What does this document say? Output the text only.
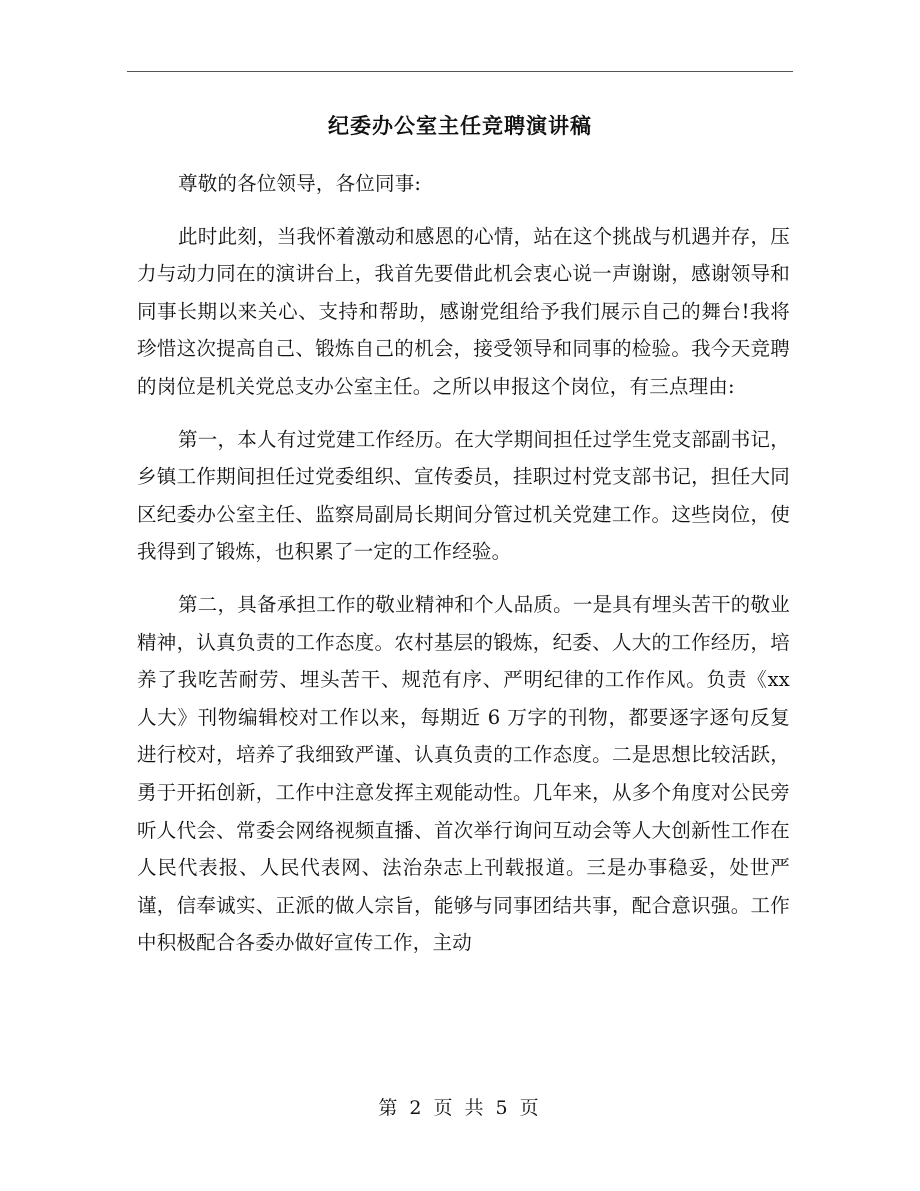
纪委办公室主任竞聘演讲稿

尊敬的各位领导，各位同事:

此时此刻，当我怀着激动和感恩的心情，站在这个挑战与机遇并存，压力与动力同在的演讲台上，我首先要借此机会衷心说一声谢谢，感谢领导和同事长期以来关心、支持和帮助，感谢党组给予我们展示自己的舞台!我将珍惜这次提高自己、锻炼自己的机会，接受领导和同事的检验。我今天竞聘的岗位是机关党总支办公室主任。之所以申报这个岗位，有三点理由:

第一，本人有过党建工作经历。在大学期间担任过学生党支部副书记，乡镇工作期间担任过党委组织、宣传委员，挂职过村党支部书记，担任大同区纪委办公室主任、监察局副局长期间分管过机关党建工作。这些岗位，使我得到了锻炼，也积累了一定的工作经验。

第二，具备承担工作的敬业精神和个人品质。一是具有埋头苦干的敬业精神，认真负责的工作态度。农村基层的锻炼，纪委、人大的工作经历，培养了我吃苦耐劳、埋头苦干、规范有序、严明纪律的工作作风。负责《xx 人大》刊物编辑校对工作以来，每期近 6 万字的刊物，都要逐字逐句反复进行校对，培养了我细致严谨、认真负责的工作态度。二是思想比较活跃，勇于开拓创新，工作中注意发挥主观能动性。几年来，从多个角度对公民旁听人代会、常委会网络视频直播、首次举行询问互动会等人大创新性工作在人民代表报、人民代表网、法治杂志上刊载报道。三是办事稳妥，处世严谨，信奉诚实、正派的做人宗旨，能够与同事团结共事，配合意识强。工作中积极配合各委办做好宣传工作，主动

第 2 页 共 5 页
